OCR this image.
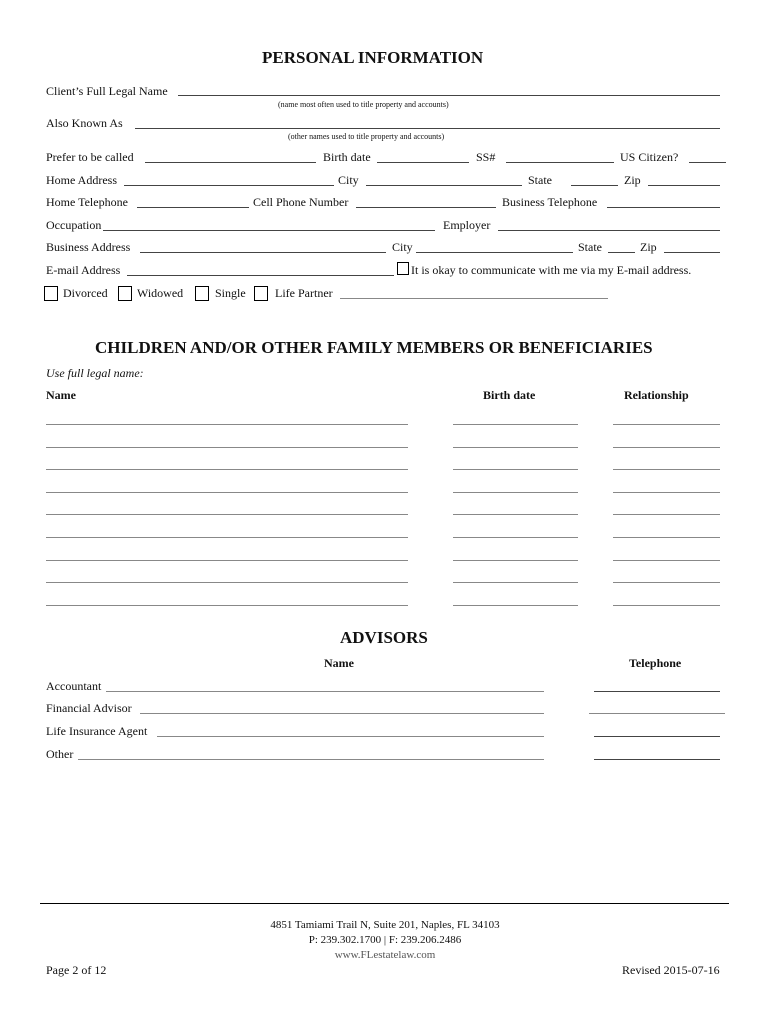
PERSONAL INFORMATION
Client’s Full Legal Name
(name most often used to title property and accounts)
Also Known As
(other names used to title property and accounts)
Prefer to be called	Birth date	SS#	US Citizen?
Home Address	City	State	Zip
Home Telephone	Cell Phone Number	Business Telephone
Occupation	Employer
Business Address	City	State	Zip
E-mail Address	It is okay to communicate with me via my E-mail address.
Divorced Widowed	Single Life Partner
CHILDREN AND/OR OTHER FAMILY MEMBERS OR BENEFICIARIES
Use full legal name:
Name	Birth date	Relationship
ADVISORS
Name	Telephone
Accountant
Financial Advisor
Life Insurance Agent
Other
4851 Tamiami Trail N, Suite 201, Naples, FL 34103
P: 239.302.1700 | F: 239.206.2486
www.FLestatelaw.com
Page 2 of 12	Revised 2015-07-16
